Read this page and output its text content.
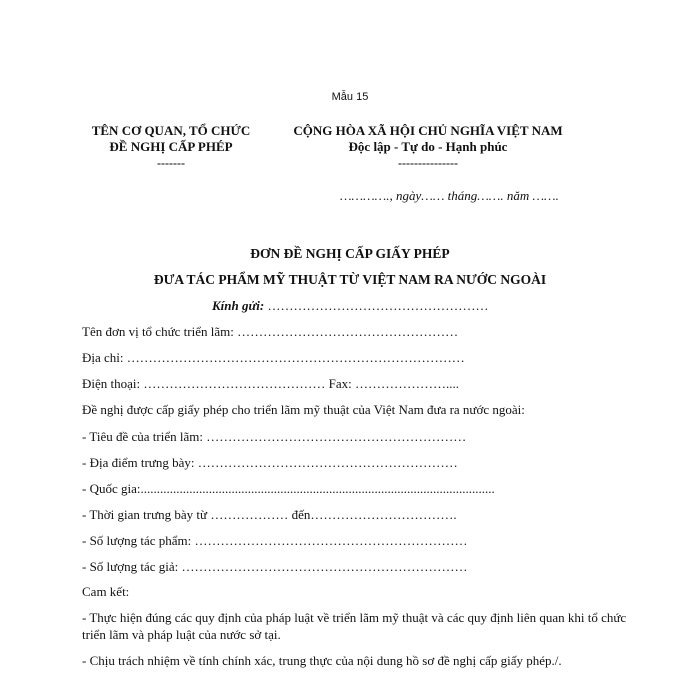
Mẫu 15
TÊN CƠ QUAN, TỔ CHỨC
ĐỀ NGHỊ CẤP PHÉP
-------
CỘNG HÒA XÃ HỘI CHỦ NGHĨA VIỆT NAM
Độc lập - Tự do - Hạnh phúc
---------------
…………., ngày…… tháng……. năm …….
ĐƠN ĐỀ NGHỊ CẤP GIẤY PHÉP
ĐƯA TÁC PHẨM MỸ THUẬT TỪ VIỆT NAM RA NƯỚC NGOÀI
Kính gửi: ……………………………………………
Tên đơn vị tổ chức triển lãm: ……………………………………………
Địa chỉ: ……………………………………………………………………
Điện thoại: …………………………………… Fax: …………………....
Đề nghị được cấp giấy phép cho triển lãm mỹ thuật của Việt Nam đưa ra nước ngoài:
- Tiêu đề của triển lãm: ……………………………………………………
- Địa điểm trưng bày: ……………………………………………………
- Quốc gia:.............................................................................................................
- Thời gian trưng bày từ ……………… đến…………………………….
- Số lượng tác phẩm: ………………………………………………………
- Số lượng tác giả: …………………………………………………………
Cam kết:
- Thực hiện đúng các quy định của pháp luật về triển lãm mỹ thuật và các quy định liên quan khi tổ chức triển lãm và pháp luật của nước sở tại.
- Chịu trách nhiệm về tính chính xác, trung thực của nội dung hồ sơ đề nghị cấp giấy phép./.
